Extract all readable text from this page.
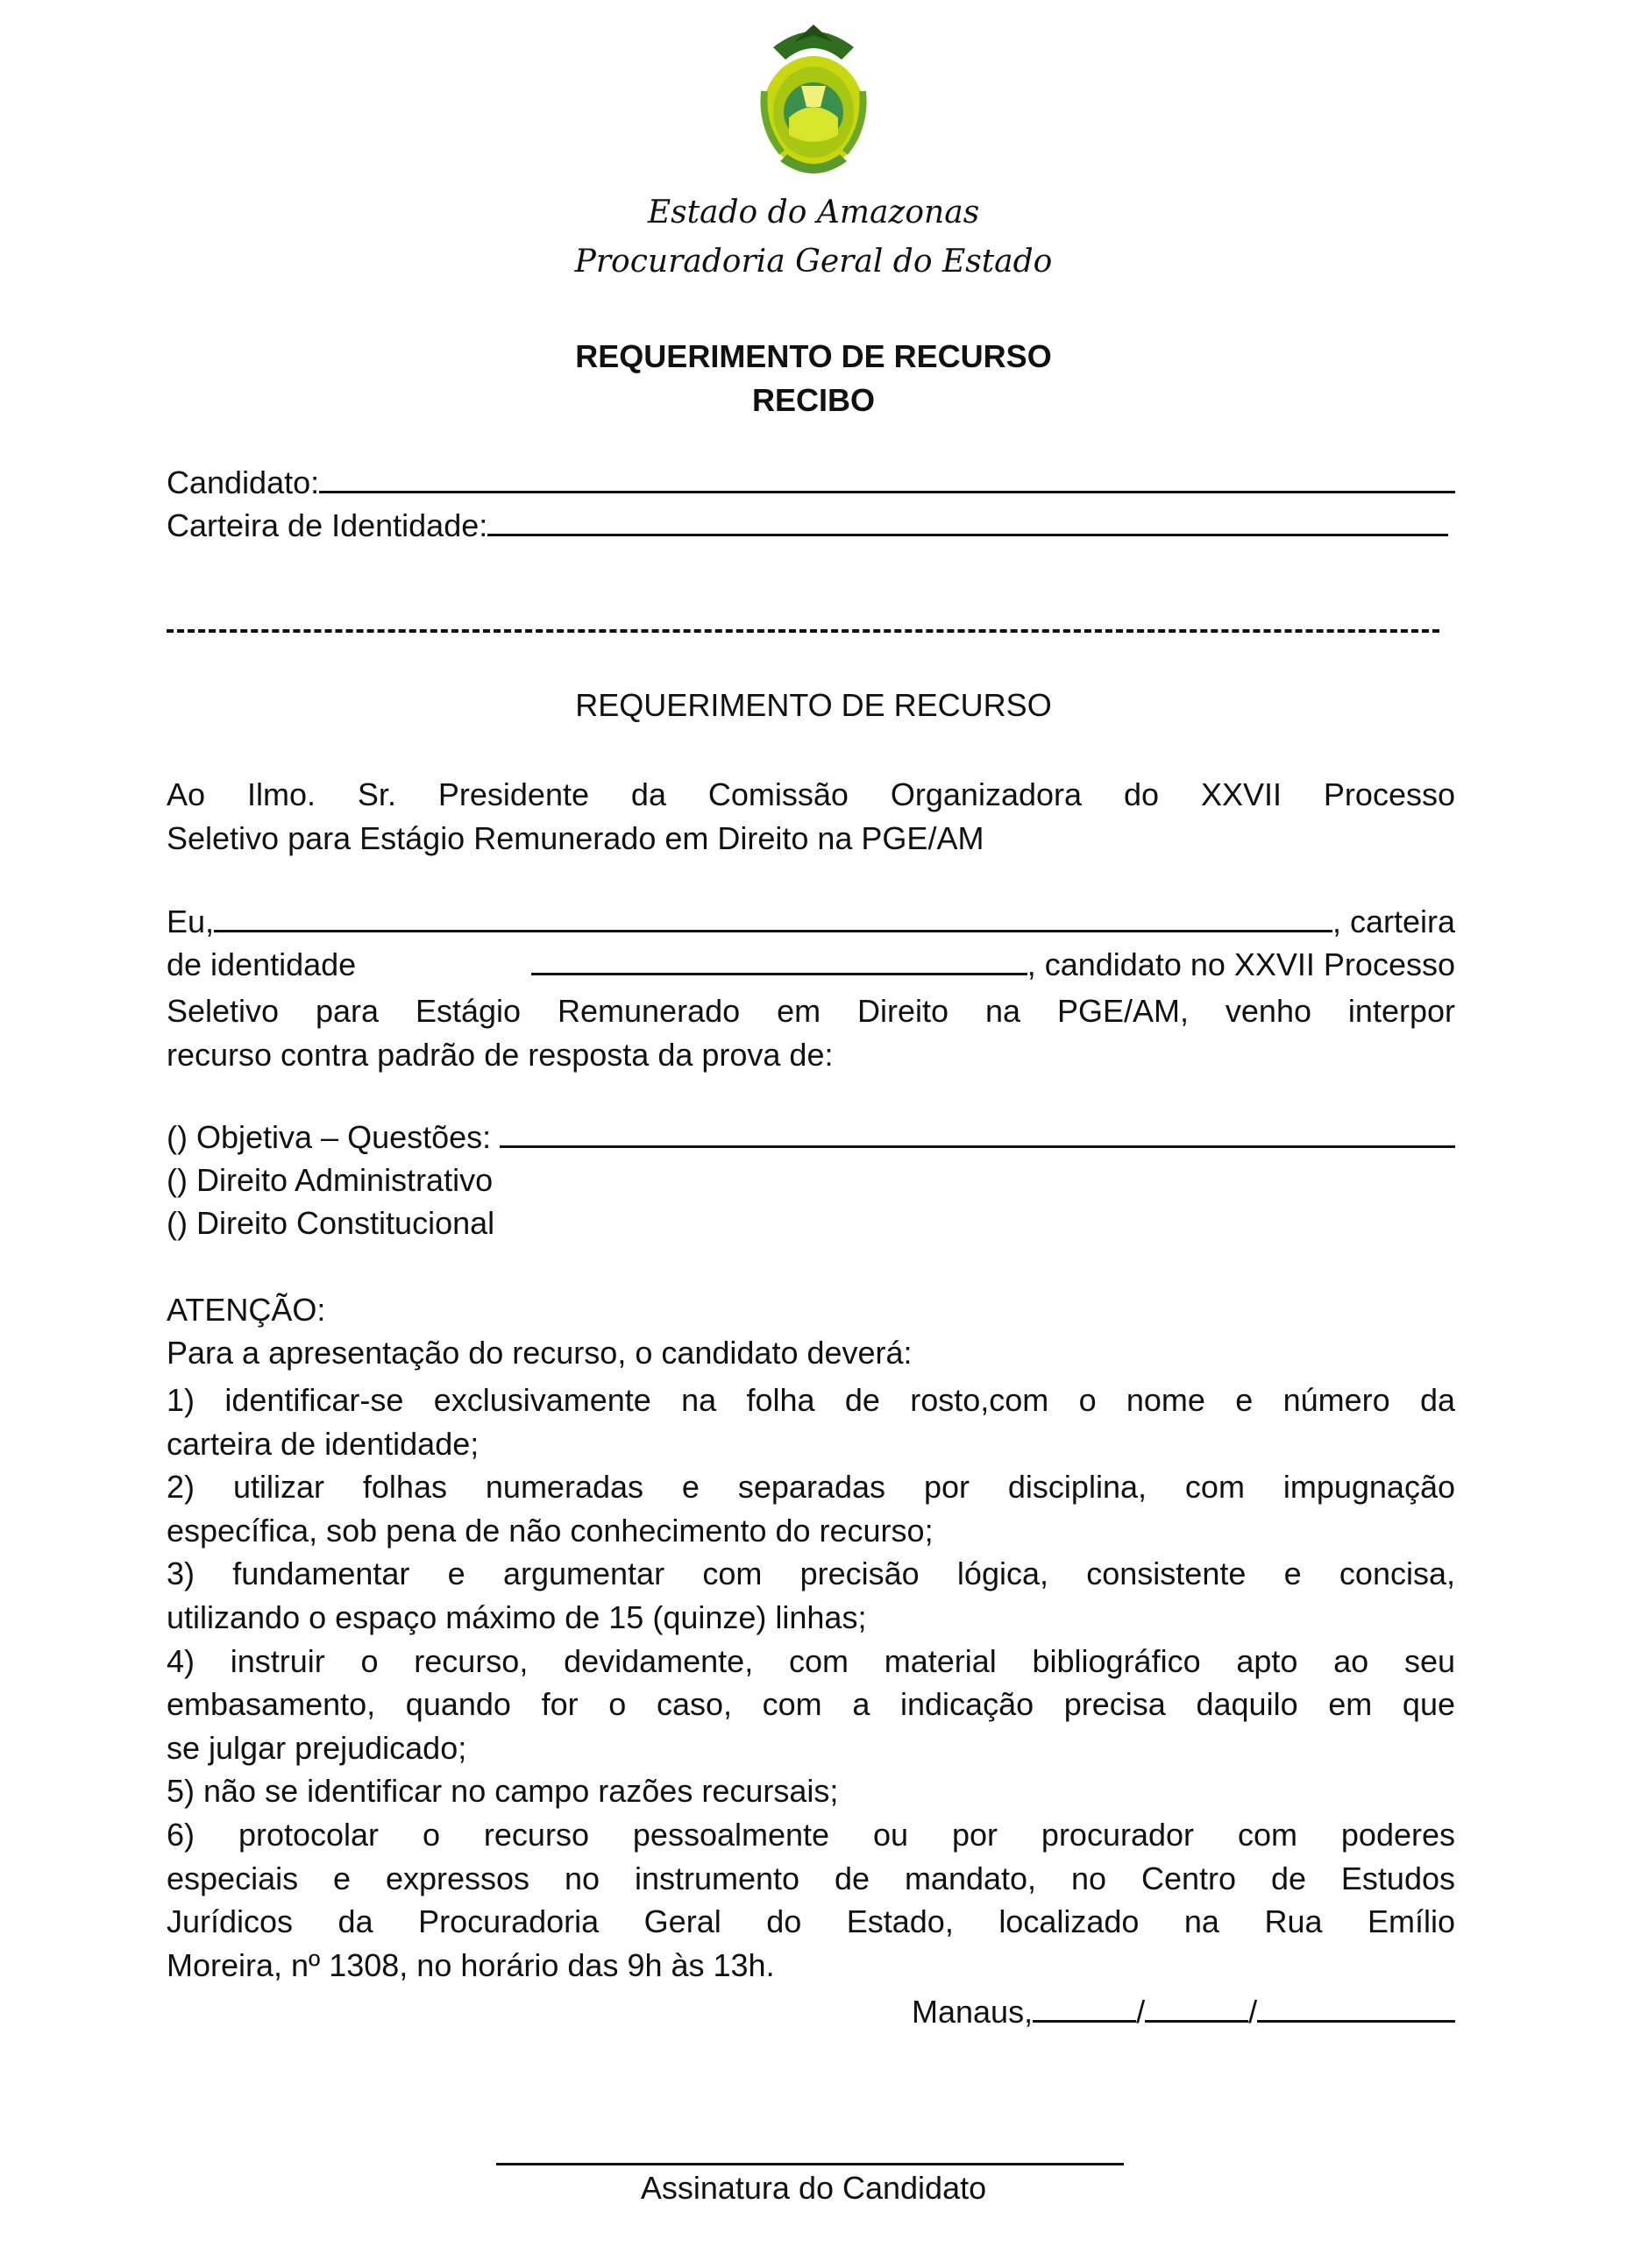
Estado do Amazonas
Procuradoria Geral do Estado
REQUERIMENTO DE RECURSO
RECIBO
Candidato:
Carteira de Identidade:
REQUERIMENTO DE RECURSO
Ao Ilmo. Sr. Presidente da Comissão Organizadora do XXVII Processo
Seletivo para Estágio Remunerado em Direito na PGE/AM
Eu,	, carteira
de identidade	, candidato no XXVII Processo
Seletivo para Estágio Remunerado em Direito na PGE/AM, venho interpor
recurso contra padrão de resposta da prova de:
() Objetiva – Questões:
() Direito Administrativo
() Direito Constitucional
ATENÇÃO:
Para a apresentação do recurso, o candidato deverá:
1) identificar-se exclusivamente na folha de rosto,com o nome e número da
carteira de identidade;
2) utilizar folhas numeradas e separadas por disciplina, com impugnação
específica, sob pena de não conhecimento do recurso;
3) fundamentar e argumentar com precisão lógica, consistente e concisa,
utilizando o espaço máximo de 15 (quinze) linhas;
4) instruir o recurso, devidamente, com material bibliográfico apto ao seu
embasamento, quando for o caso, com a indicação precisa daquilo em que
se julgar prejudicado;
5) não se identificar no campo razões recursais;
6) protocolar o recurso pessoalmente ou por procurador com poderes
especiais e expressos no instrumento de mandato, no Centro de Estudos
Jurídicos da Procuradoria Geral do Estado, localizado na Rua Emílio
Moreira, nº 1308, no horário das 9h às 13h.
Manaus,	/	/
Assinatura do Candidato
